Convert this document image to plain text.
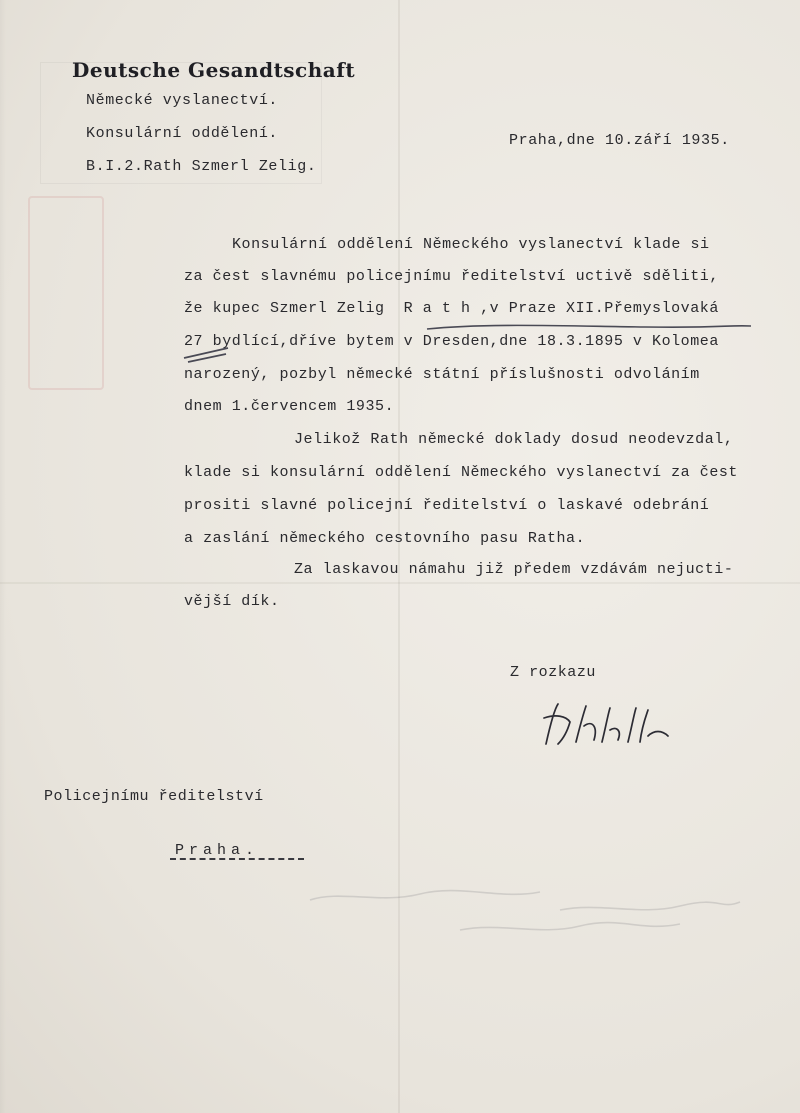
Deutsche Gesandtschaft
Německé vyslanectví.
Konsulární oddělení.
B.I.2.Rath Szmerl Zelig.
Praha,dne 10.září 1935.
Konsulární oddělení Německého vyslanectví klade si
za čest slavnému policejnímu ředitelství uctivě sděliti,
že kupec Szmerl Zelig  R a t h ,v Praze XII.Přemyslovaká
27 bydlící,dříve bytem v Dresden,dne 18.3.1895 v Kolomea
narozený, pozbyl německé státní příslušnosti odvoláním
dnem 1.červencem 1935.
Jelikož Rath německé doklady dosud neodevzdal,
klade si konsulární oddělení Německého vyslanectví za čest
prositi slavné policejní ředitelství o laskavé odebrání
a zaslání německého cestovního pasu Ratha.
Za laskavou námahu již předem vzdávám nejucti-
vější dík.
Z rozkazu
Policejnímu ředitelství
Praha.
